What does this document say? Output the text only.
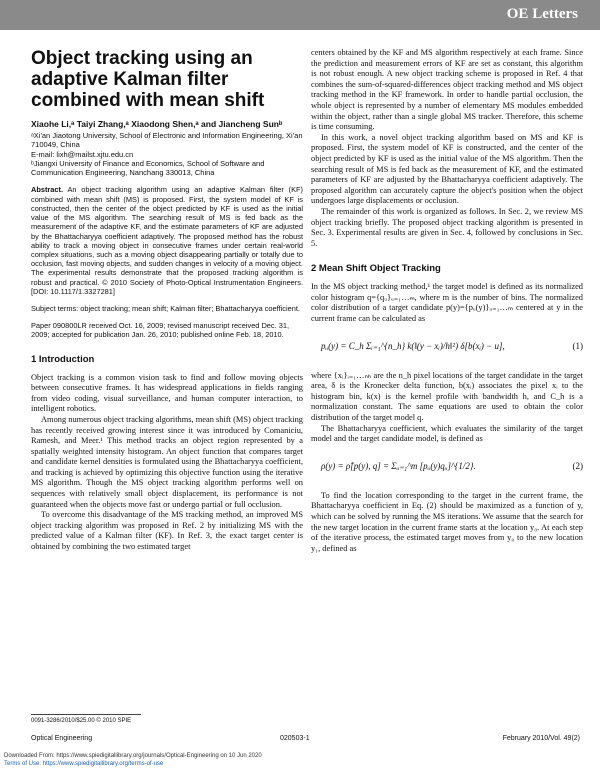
OE Letters
Object tracking using an adaptive Kalman filter combined with mean shift
Xiaohe Li,ᵃ Taiyi Zhang,ᵃ Xiaodong Shen,ᵃ and Jiancheng Sunᵇ

ᵃXi'an Jiaotong University, School of Electronic and Information Engineering, Xi'an 710049, China

E-mail: lixh@mailst.xjtu.edu.cn

ᵇJiangxi University of Finance and Economics, School of Software and Communication Engineering, Nanchang 330013, China

Abstract. An object tracking algorithm using an adaptive Kalman filter (KF) combined with mean shift (MS) is proposed. First, the system model of KF is constructed, then the center of the object predicted by KF is used as the initial value of the MS algorithm. The searching result of MS is fed back as the measurement of the adaptive KF, and the estimate parameters of KF are adjusted by the Bhattacharyya coefficient adaptively. The proposed method has the robust ability to track a moving object in consecutive frames under certain real-world complex situations, such as a moving object disappearing partially or totally due to occlusion, fast moving objects, and sudden changes in velocity of a moving object. The experimental results demonstrate that the proposed tracking algorithm is robust and practical. © 2010 Society of Photo-Optical Instrumentation Engineers. [DOI: 10.1117/1.3327281]
Subject terms: object tracking; mean shift; Kalman filter; Bhattacharyya coefficient.
Paper 090800LR received Oct. 16, 2009; revised manuscript received Dec. 31, 2009; accepted for publication Jan. 26, 2010; published online Feb. 18, 2010.
1 Introduction

Object tracking is a common vision task to find and follow moving objects between consecutive frames. It has widespread applications in fields ranging from video coding, visual surveillance, and human computer interaction, to intelligent robotics.

Among numerous object tracking algorithms, mean shift (MS) object tracking has recently received growing interest since it was introduced by Comaniciu, Ramesh, and Meer.¹ This method tracks an object region represented by a spatially weighted intensity histogram. An object function that compares target and candidate kernel densities is formulated using the Bhattacharyya coefficient, and tracking is achieved by optimizing this objective function using the iterative MS algorithm. Though the MS object tracking algorithm performs well on sequences with relatively small object displacement, its performance is not guaranteed when the objects move fast or undergo partial or full occlusion.

To overcome this disadvantage of the MS tracking method, an improved MS object tracking algorithm was proposed in Ref. 2 by initializing MS with the predicted value of a Kalman filter (KF). In Ref. 3, the exact target center is obtained by combining the two estimated target

centers obtained by the KF and MS algorithm respectively at each frame. Since the prediction and measurement errors of KF are set as constant, this algorithm is not robust enough. A new object tracking scheme is proposed in Ref. 4 that combines the sum-of-squared-differences object tracking method and MS object tracking method in the KF framework. In order to handle partial occlusion, the whole object is represented by a number of elementary MS modules embedded within the object, rather than a single global MS tracker. Therefore, this scheme is time consuming.

In this work, a novel object tracking algorithm based on MS and KF is proposed. First, the system model of KF is constructed, and the center of the object predicted by KF is used as the initial value of the MS algorithm. Then the searching result of MS is fed back as the measurement of KF, and the estimated parameters of KF are adjusted by the Bhattacharyya coefficient adaptively. The proposed algorithm can accurately capture the object's position when the object undergoes large displacements or occlusion.

The remainder of this work is organized as follows. In Sec. 2, we review MS object tracking briefly. The proposed object tracking algorithm is presented in Sec. 3. Experimental results are given in Sec. 4, followed by conclusions in Sec. 5.

2 Mean Shift Object Tracking

In the MS object tracking method,¹ the target model is defined as its normalized color histogram q={qᵤ}ᵤ₌₁…ₘ, where m is the number of bins. The normalized color distribution of a target candidate p(y)={pᵤ(y)}ᵤ₌₁…ₘ centered at y in the current frame can be calculated as

pᵤ(y) = C_h Σᵢ₌₁^{n_h} k(‖(y − xᵢ)/h‖²) δ[b(xᵢ) − u],	(1)

where {xᵢ}ᵢ₌₁…ₙₕ are the n_h pixel locations of the target candidate in the target area, δ is the Kronecker delta function, b(xᵢ) associates the pixel xᵢ to the histogram bin, k(x) is the kernel profile with bandwidth h, and C_h is a normalization constant. The same equations are used to obtain the color distribution of the target model q.

The Bhattacharyya coefficient, which evaluates the similarity of the target model and the target candidate model, is defined as

ρ(y) = ρ̂[p(y), q] = Σᵤ₌₁^m [pᵤ(y)qᵤ]^{1/2}.	(2)

To find the location corresponding to the target in the current frame, the Bhattacharyya coefficient in Eq. (2) should be maximized as a function of y, which can be solved by running the MS iterations. We assume that the search for the new target location in the current frame starts at the location y₀. At each step of the iterative process, the estimated target moves from y₀ to the new location y₁, defined as

0091-3286/2010/$25.00 © 2010 SPIE
Optical Engineering	020503-1	February 2010/Vol. 49(2)
Downloaded From: https://www.spiedigitallibrary.org/journals/Optical-Engineering on 10 Jun 2020
Terms of Use: https://www.spiedigitallibrary.org/terms-of-use
